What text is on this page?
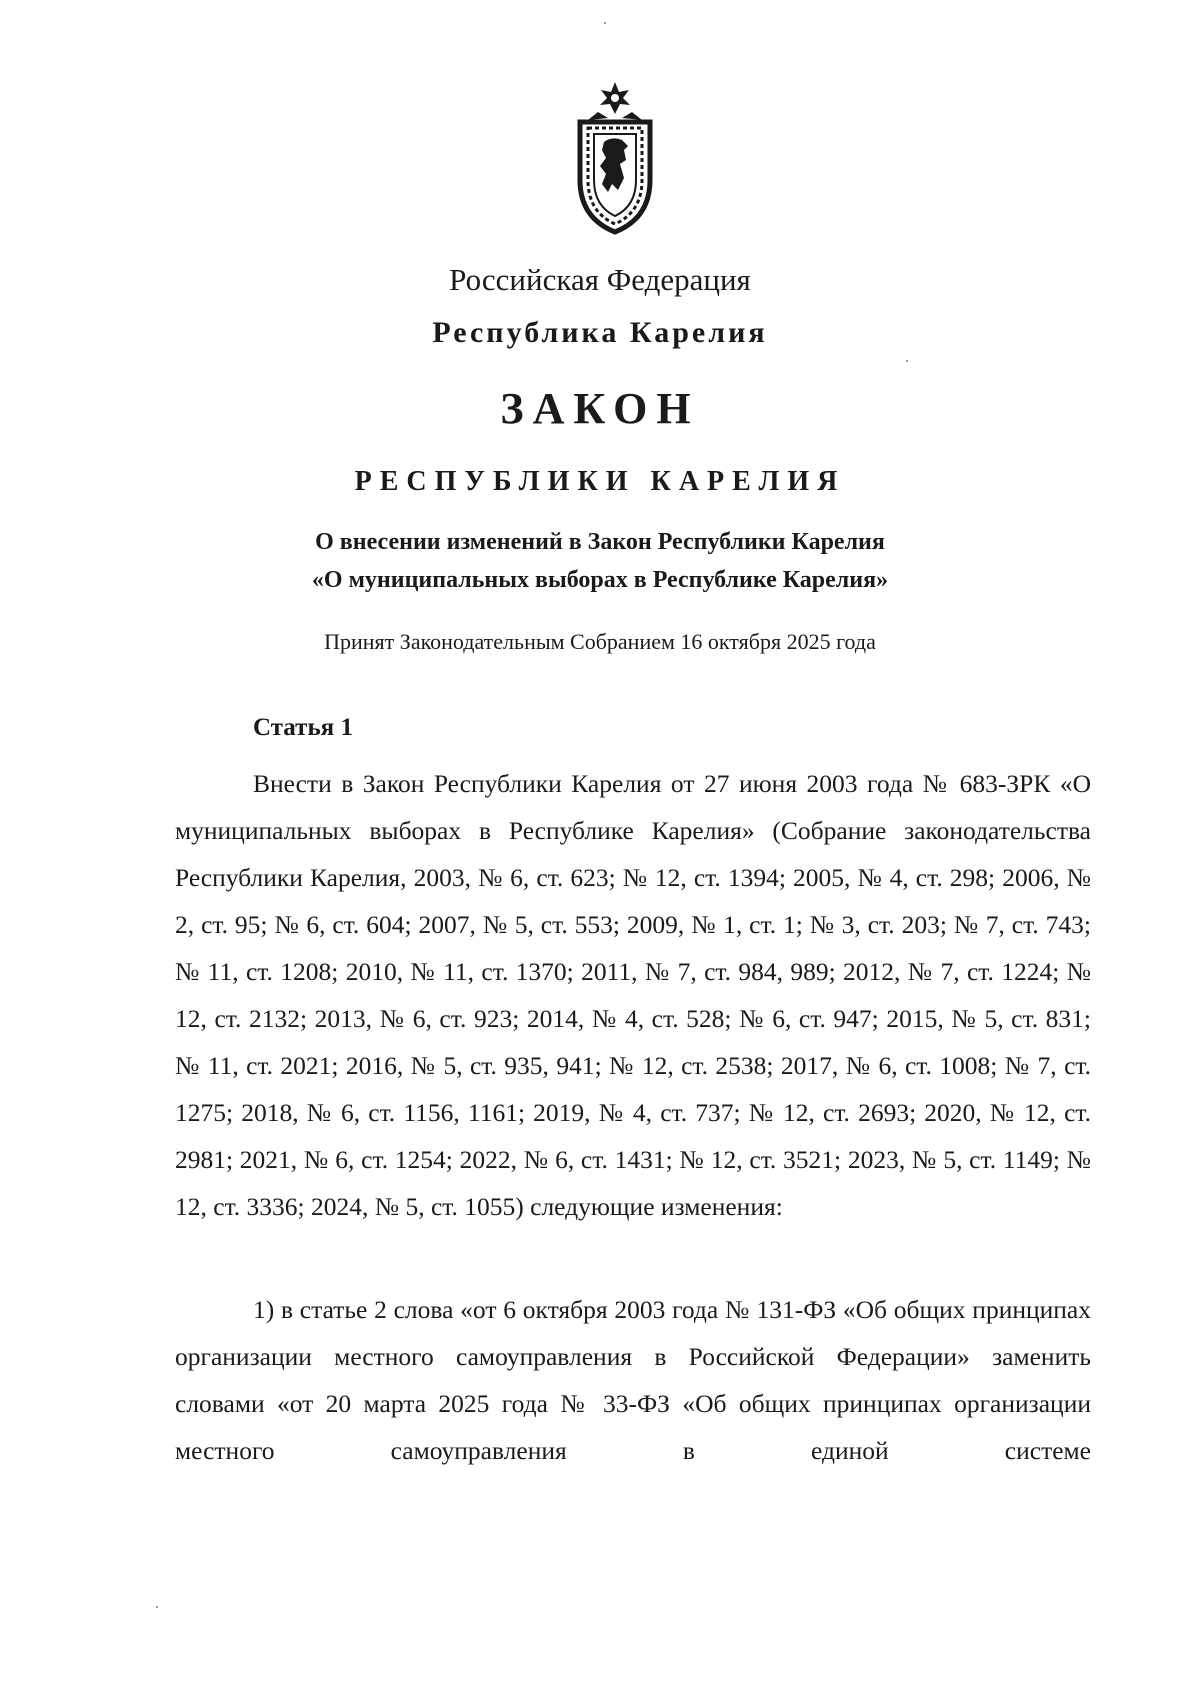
Российская Федерация
Республика Карелия
ЗАКОН
РЕСПУБЛИКИ КАРЕЛИЯ
О внесении изменений в Закон Республики Карелия
«О муниципальных выборах в Республике Карелия»
Принят Законодательным Собранием 16 октября 2025 года
Статья 1
Внести в Закон Республики Карелия от 27 июня 2003 года № 683-ЗРК «О муниципальных выборах в Республике Карелия» (Собрание законодательства Республики Карелия, 2003, № 6, ст. 623; № 12, ст. 1394; 2005, № 4, ст. 298; 2006, № 2, ст. 95; № 6, ст. 604; 2007, № 5, ст. 553; 2009, № 1, ст. 1; № 3, ст. 203; № 7, ст. 743; № 11, ст. 1208; 2010, № 11, ст. 1370; 2011, № 7, ст. 984, 989; 2012, № 7, ст. 1224; № 12, ст. 2132; 2013, № 6, ст. 923; 2014, № 4, ст. 528; № 6, ст. 947; 2015, № 5, ст. 831; № 11, ст. 2021; 2016, № 5, ст. 935, 941; № 12, ст. 2538; 2017, № 6, ст. 1008; № 7, ст. 1275; 2018, № 6, ст. 1156, 1161; 2019, № 4, ст. 737; № 12, ст. 2693; 2020, № 12, ст. 2981; 2021, № 6, ст. 1254; 2022, № 6, ст. 1431; № 12, ст. 3521; 2023, № 5, ст. 1149; № 12, ст. 3336; 2024, № 5, ст. 1055) следующие изменения:
1) в статье 2 слова «от 6 октября 2003 года № 131-ФЗ «Об общих принципах организации местного самоуправления в Российской Федерации» заменить словами «от 20 марта 2025 года № 33-ФЗ «Об общих принципах организации местного самоуправления в единой системе
